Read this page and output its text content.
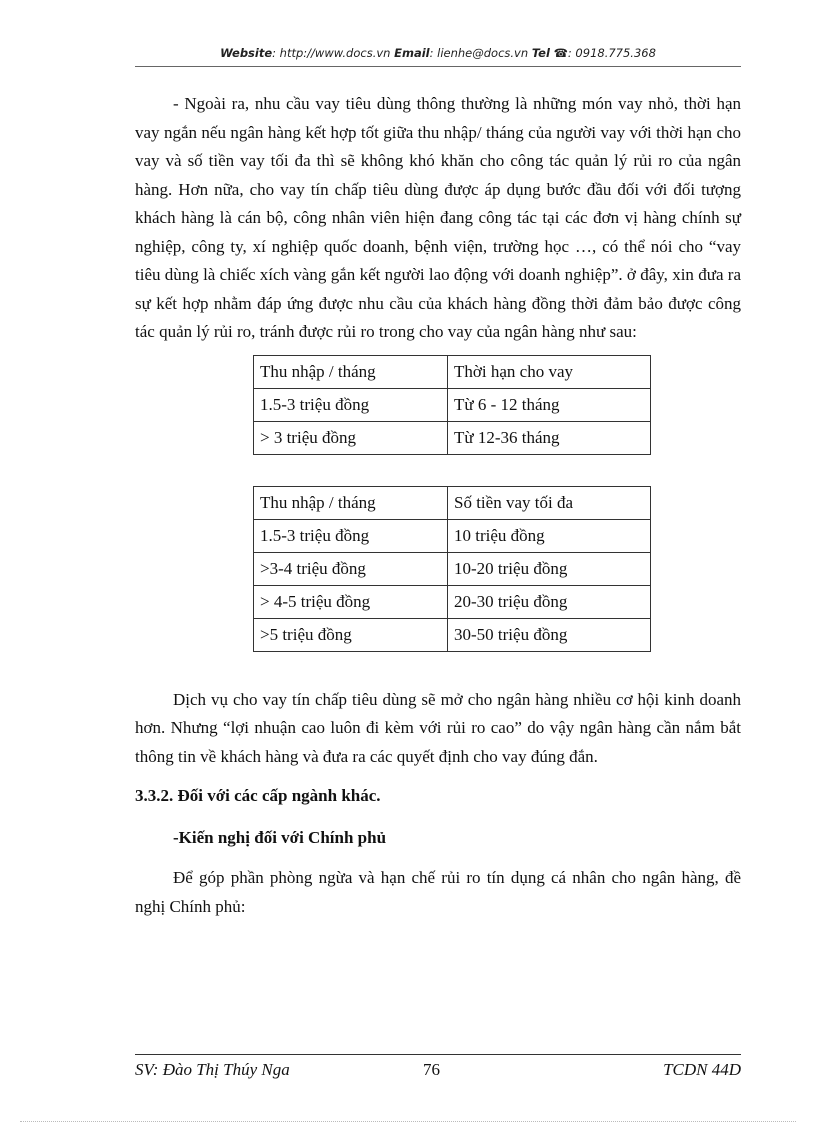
Website: http://www.docs.vn Email: lienhe@docs.vn Tel ☎: 0918.775.368

- Ngoài ra, nhu cầu vay tiêu dùng thông thường là những món vay nhỏ, thời hạn vay ngắn nếu ngân hàng kết hợp tốt giữa thu nhập/ tháng của người vay với thời hạn cho vay và số tiền vay tối đa thì sẽ không khó khăn cho công tác quản lý rủi ro của ngân hàng. Hơn nữa, cho vay tín chấp tiêu dùng được áp dụng bước đầu đối với đối tượng khách hàng là cán bộ, công nhân viên hiện đang công tác tại các đơn vị hàng chính sự nghiệp, công ty, xí nghiệp quốc doanh, bệnh viện, trường học …, có thể nói cho “vay tiêu dùng là chiếc xích vàng gắn kết người lao động với doanh nghiệp”. ở đây, xin đưa ra sự kết hợp nhằm đáp ứng được nhu cầu của khách hàng đồng thời đảm bảo được công tác quản lý rủi ro, tránh được rủi ro trong cho vay của ngân hàng như sau:

Thu nhập / tháng	Thời hạn cho vay
1.5-3 triệu đồng	Từ 6 - 12 tháng
> 3 triệu đồng	Từ 12-36 tháng
Thu nhập / tháng	Số tiền vay tối đa
1.5-3 triệu đồng	10 triệu đồng
>3-4 triệu đồng	10-20 triệu đồng
> 4-5 triệu đồng	20-30 triệu đồng
>5 triệu đồng	30-50 triệu đồng

Dịch vụ cho vay tín chấp tiêu dùng sẽ mở cho ngân hàng nhiều cơ hội kinh doanh hơn. Nhưng “lợi nhuận cao luôn đi kèm với rủi ro cao” do vậy ngân hàng cần nắm bắt thông tin về khách hàng và đưa ra các quyết định cho vay đúng đắn.

3.3.2. Đối với các cấp ngành khác.

-Kiến nghị đối với Chính phủ

Để góp phần phòng ngừa và hạn chế rủi ro tín dụng cá nhân cho ngân hàng, đề nghị Chính phủ:

SV: Đào Thị Thúy Nga	76	TCDN 44D
